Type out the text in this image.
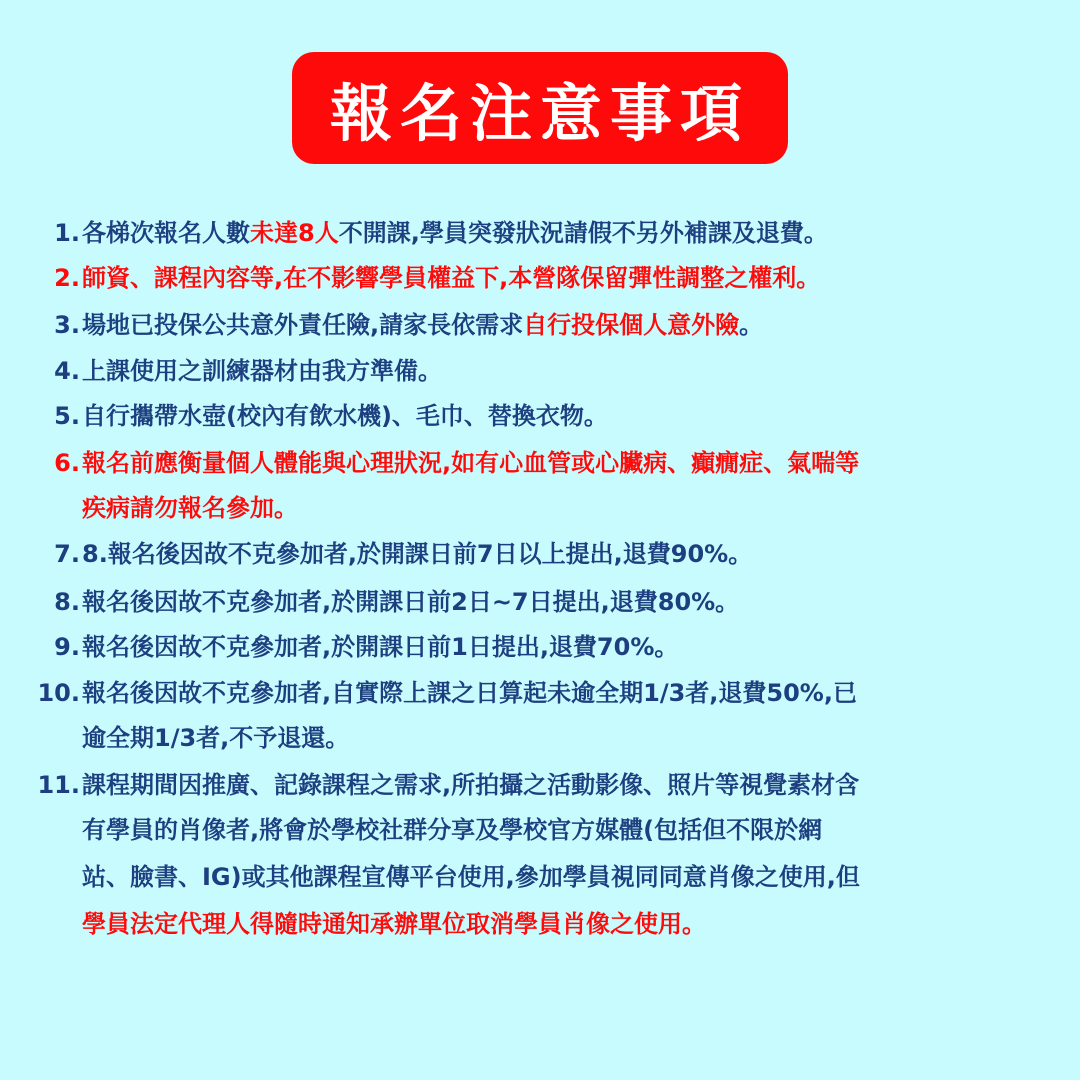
報名注意事項
1. 各梯次報名人數未達8人不開課,學員突發狀況請假不另外補課及退費。
2. 師資、課程內容等,在不影響學員權益下,本營隊保留彈性調整之權利。
3. 場地已投保公共意外責任險,請家長依需求自行投保個人意外險。
4. 上課使用之訓練器材由我方準備。
5. 自行攜帶水壺(校內有飲水機)、毛巾、替換衣物。
6. 報名前應衡量個人體能與心理狀況,如有心血管或心臟病、癲癇症、氣喘等
疾病請勿報名參加。
7. 8.報名後因故不克參加者,於開課日前7日以上提出,退費90%。
8. 報名後因故不克參加者,於開課日前2日~7日提出,退費80%。
9. 報名後因故不克參加者,於開課日前1日提出,退費70%。
10. 報名後因故不克參加者,自實際上課之日算起未逾全期1/3者,退費50%,已
逾全期1/3者,不予退還。
11. 課程期間因推廣、記錄課程之需求,所拍攝之活動影像、照片等視覺素材含
有學員的肖像者,將會於學校社群分享及學校官方媒體(包括但不限於網
站、臉書、IG)或其他課程宣傳平台使用,參加學員視同同意肖像之使用,但
學員法定代理人得隨時通知承辦單位取消學員肖像之使用。
